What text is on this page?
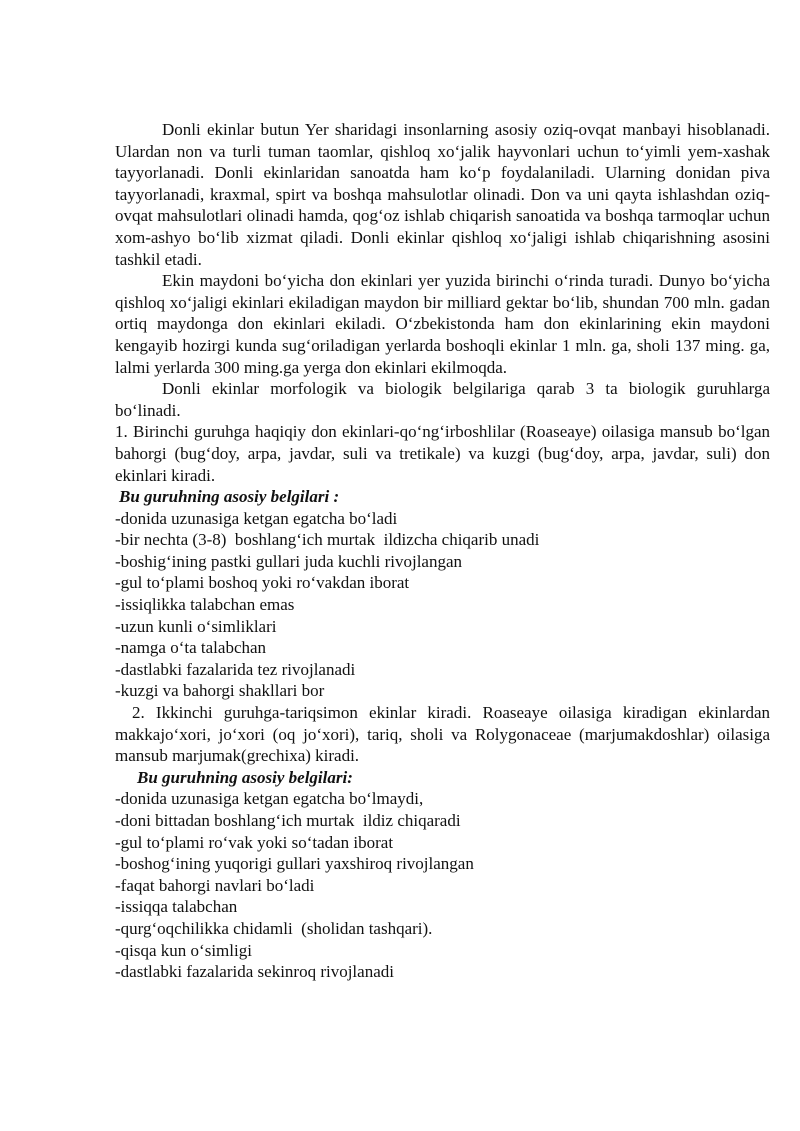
Donli ekinlar butun Yer sharidagi insonlarning asosiy oziq-ovqat manbayi hisoblanadi. Ulardan non va turli tuman taomlar, qishloq xo‘jalik hayvonlari uchun to‘yimli yem-xashak tayyorlanadi. Donli ekinlaridan sanoatda ham ko‘p foydalaniladi. Ularning donidan piva tayyorlanadi, kraxmal, spirt va boshqa mahsulotlar olinadi. Don va uni qayta ishlashdan oziq-ovqat mahsulotlari olinadi hamda, qog‘oz ishlab chiqarish sanoatida va boshqa tarmoqlar uchun xom-ashyo bo‘lib xizmat qiladi. Donli ekinlar qishloq xo‘jaligi ishlab chiqarishning asosini tashkil etadi.

Ekin maydoni bo‘yicha don ekinlari yer yuzida birinchi o‘rinda turadi. Dunyo bo‘yicha qishloq xo‘jaligi ekinlari ekiladigan maydon bir milliard gektar bo‘lib, shundan 700 mln. gadan ortiq maydonga don ekinlari ekiladi. O‘zbekistonda ham don ekinlarining ekin maydoni kengayib hozirgi kunda sug‘oriladigan yerlarda boshoqli ekinlar 1 mln. ga, sholi 137 ming. ga, lalmi yerlarda 300 ming.ga yerga don ekinlari ekilmoqda.

Donli ekinlar morfologik va biologik belgilariga qarab 3 ta biologik guruhlarga bo‘linadi.

1. Birinchi guruhga haqiqiy don ekinlari-qo‘ng‘irboshlilar (Roaseaye) oilasiga mansub bo‘lgan bahorgi (bug‘doy, arpa, javdar, suli va tretikale) va kuzgi (bug‘doy, arpa, javdar, suli) don ekinlari kiradi.

Bu guruhning asosiy belgilari :

-donida uzunasiga ketgan egatcha bo‘ladi

-bir nechta (3-8)  boshlang‘ich murtak  ildizcha chiqarib unadi

-boshig‘ining pastki gullari juda kuchli rivojlangan

-gul to‘plami boshoq yoki ro‘vakdan iborat

-issiqlikka talabchan emas

-uzun kunli o‘simliklari

-namga o‘ta talabchan

-dastlabki fazalarida tez rivojlanadi

-kuzgi va bahorgi shakllari bor

2. Ikkinchi guruhga-tariqsimon ekinlar kiradi. Roaseaye oilasiga kiradigan ekinlardan makkajo‘xori, jo‘xori (oq jo‘xori), tariq, sholi va Rolygonaceae (marjumakdoshlar) oilasiga mansub marjumak(grechixa) kiradi.

Bu guruhning asosiy belgilari:

-donida uzunasiga ketgan egatcha bo‘lmaydi,

-doni bittadan boshlang‘ich murtak  ildiz chiqaradi

-gul to‘plami ro‘vak yoki so‘tadan iborat

-boshog‘ining yuqorigi gullari yaxshiroq rivojlangan

-faqat bahorgi navlari bo‘ladi

-issiqqa talabchan

-qurg‘oqchilikka chidamli  (sholidan tashqari).

-qisqa kun o‘simligi

-dastlabki fazalarida sekinroq rivojlanadi
